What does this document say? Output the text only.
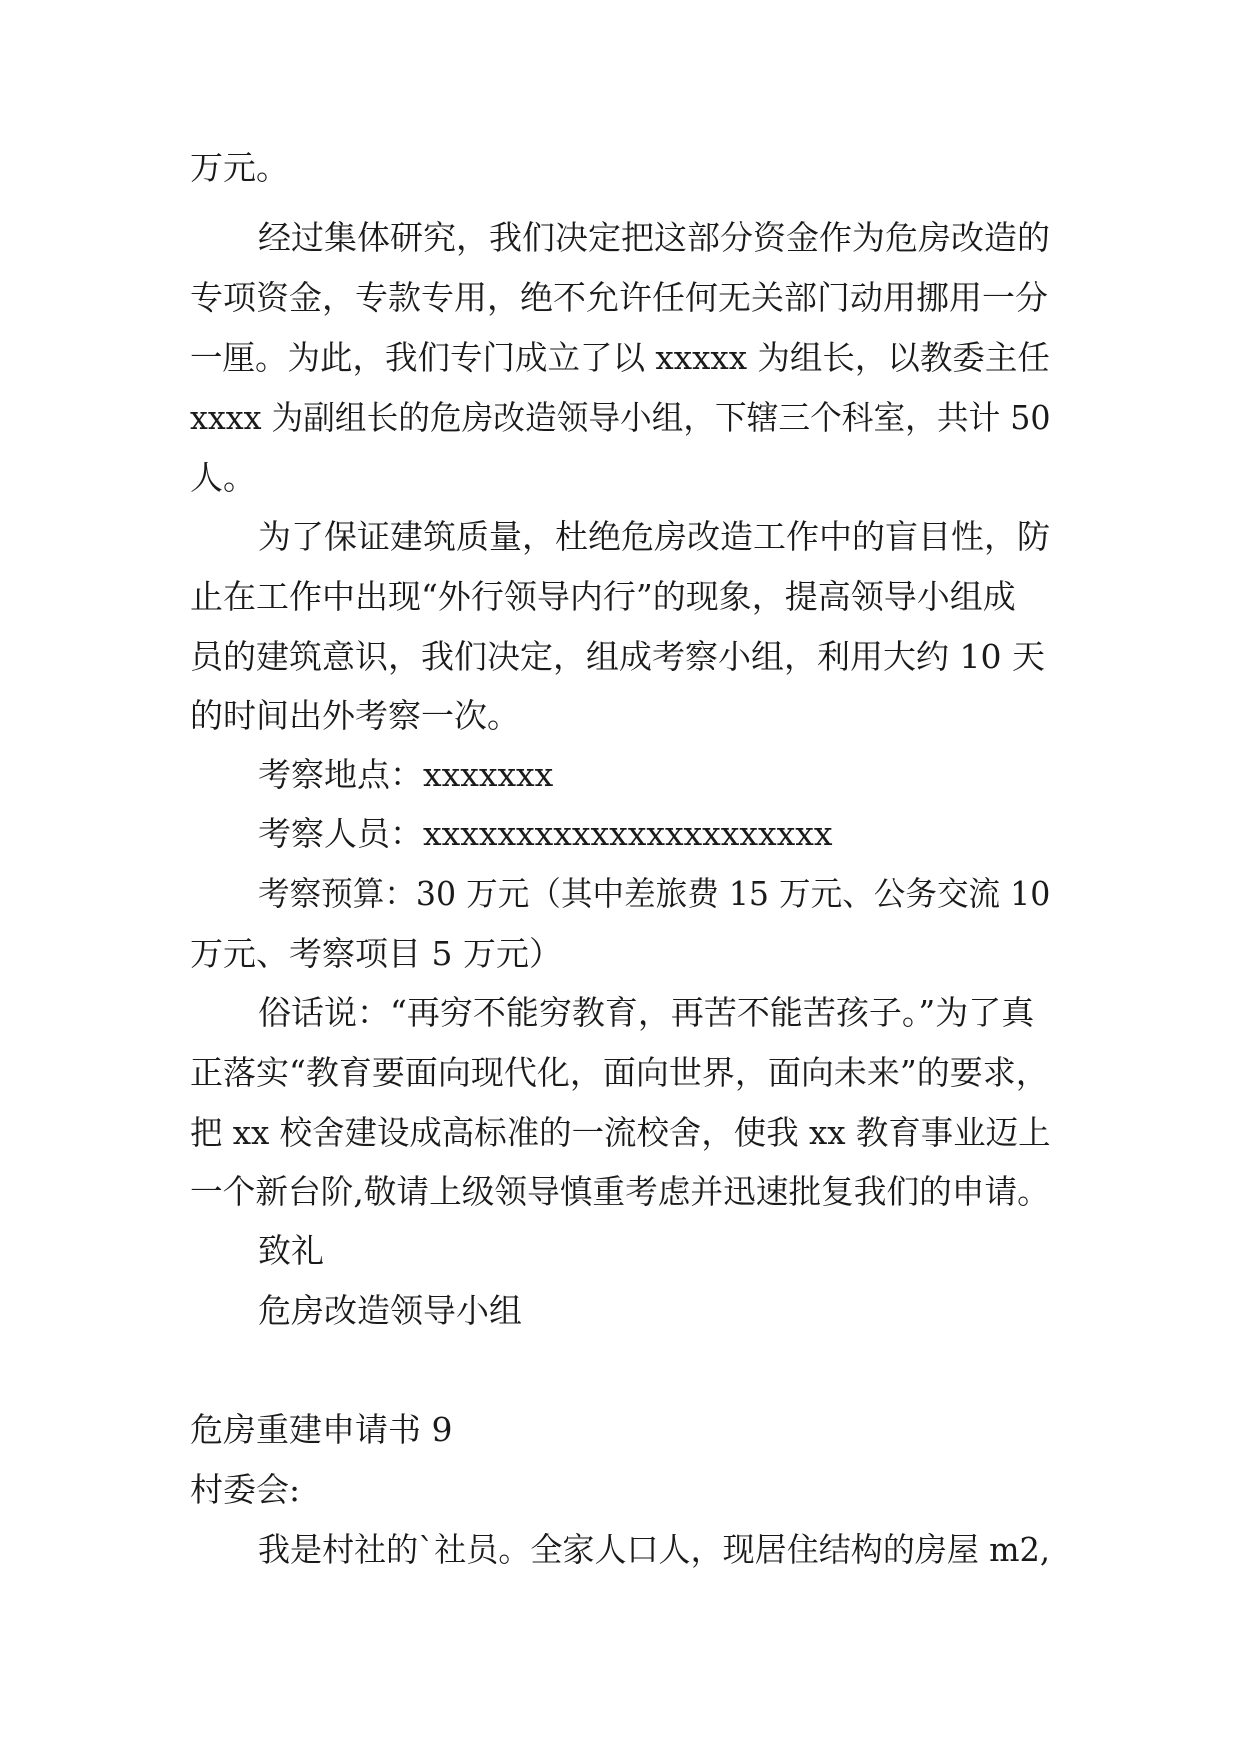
万元。
经过集体研究，我们决定把这部分资金作为危房改造的
专项资金，专款专用，绝不允许任何无关部门动用挪用一分
一厘。为此，我们专门成立了以 xxxxx 为组长，以教委主任
xxxx 为副组长的危房改造领导小组，下辖三个科室，共计 50
人。
为了保证建筑质量，杜绝危房改造工作中的盲目性，防
止在工作中出现“外行领导内行”的现象，提高领导小组成
员的建筑意识，我们决定，组成考察小组，利用大约 10 天
的时间出外考察一次。
考察地点：xxxxxxx
考察人员：xxxxxxxxxxxxxxxxxxxxxx
考察预算：30 万元（其中差旅费 15 万元、公务交流 10
万元、考察项目 5 万元）
俗话说：“再穷不能穷教育，再苦不能苦孩子。”为了真
正落实“教育要面向现代化，面向世界，面向未来”的要求，
把 xx 校舍建设成高标准的一流校舍，使我 xx 教育事业迈上
一个新台阶,敬请上级领导慎重考虑并迅速批复我们的申请。
致礼
危房改造领导小组
危房重建申请书 9
村委会:
我是村社的`社员。全家人口人，现居住结构的房屋 m2,
